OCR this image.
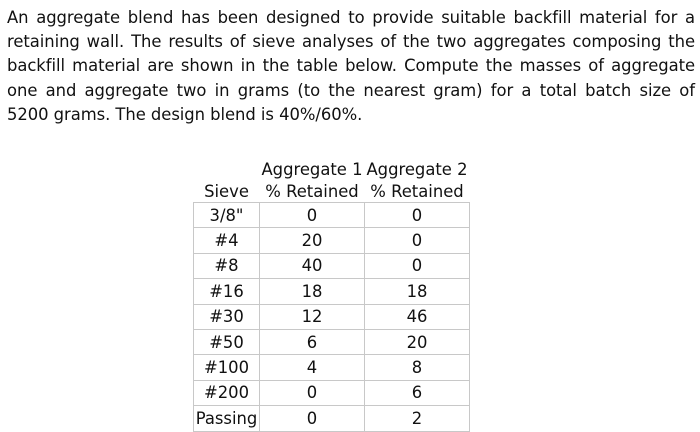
An aggregate blend has been designed to provide suitable backfill material for a retaining wall. The results of sieve analyses of the two aggregates composing the backfill material are shown in the table below. Compute the masses of aggregate one and aggregate two in grams (to the nearest gram) for a total batch size of 5200 grams. The design blend is 40%/60%.

	Aggregate 1	Aggregate 2
Sieve	% Retained	% Retained
3/8"	0	0
#4	20	0
#8	40	0
#16	18	18
#30	12	46
#50	6	20
#100	4	8
#200	0	6
Passing	0	2
